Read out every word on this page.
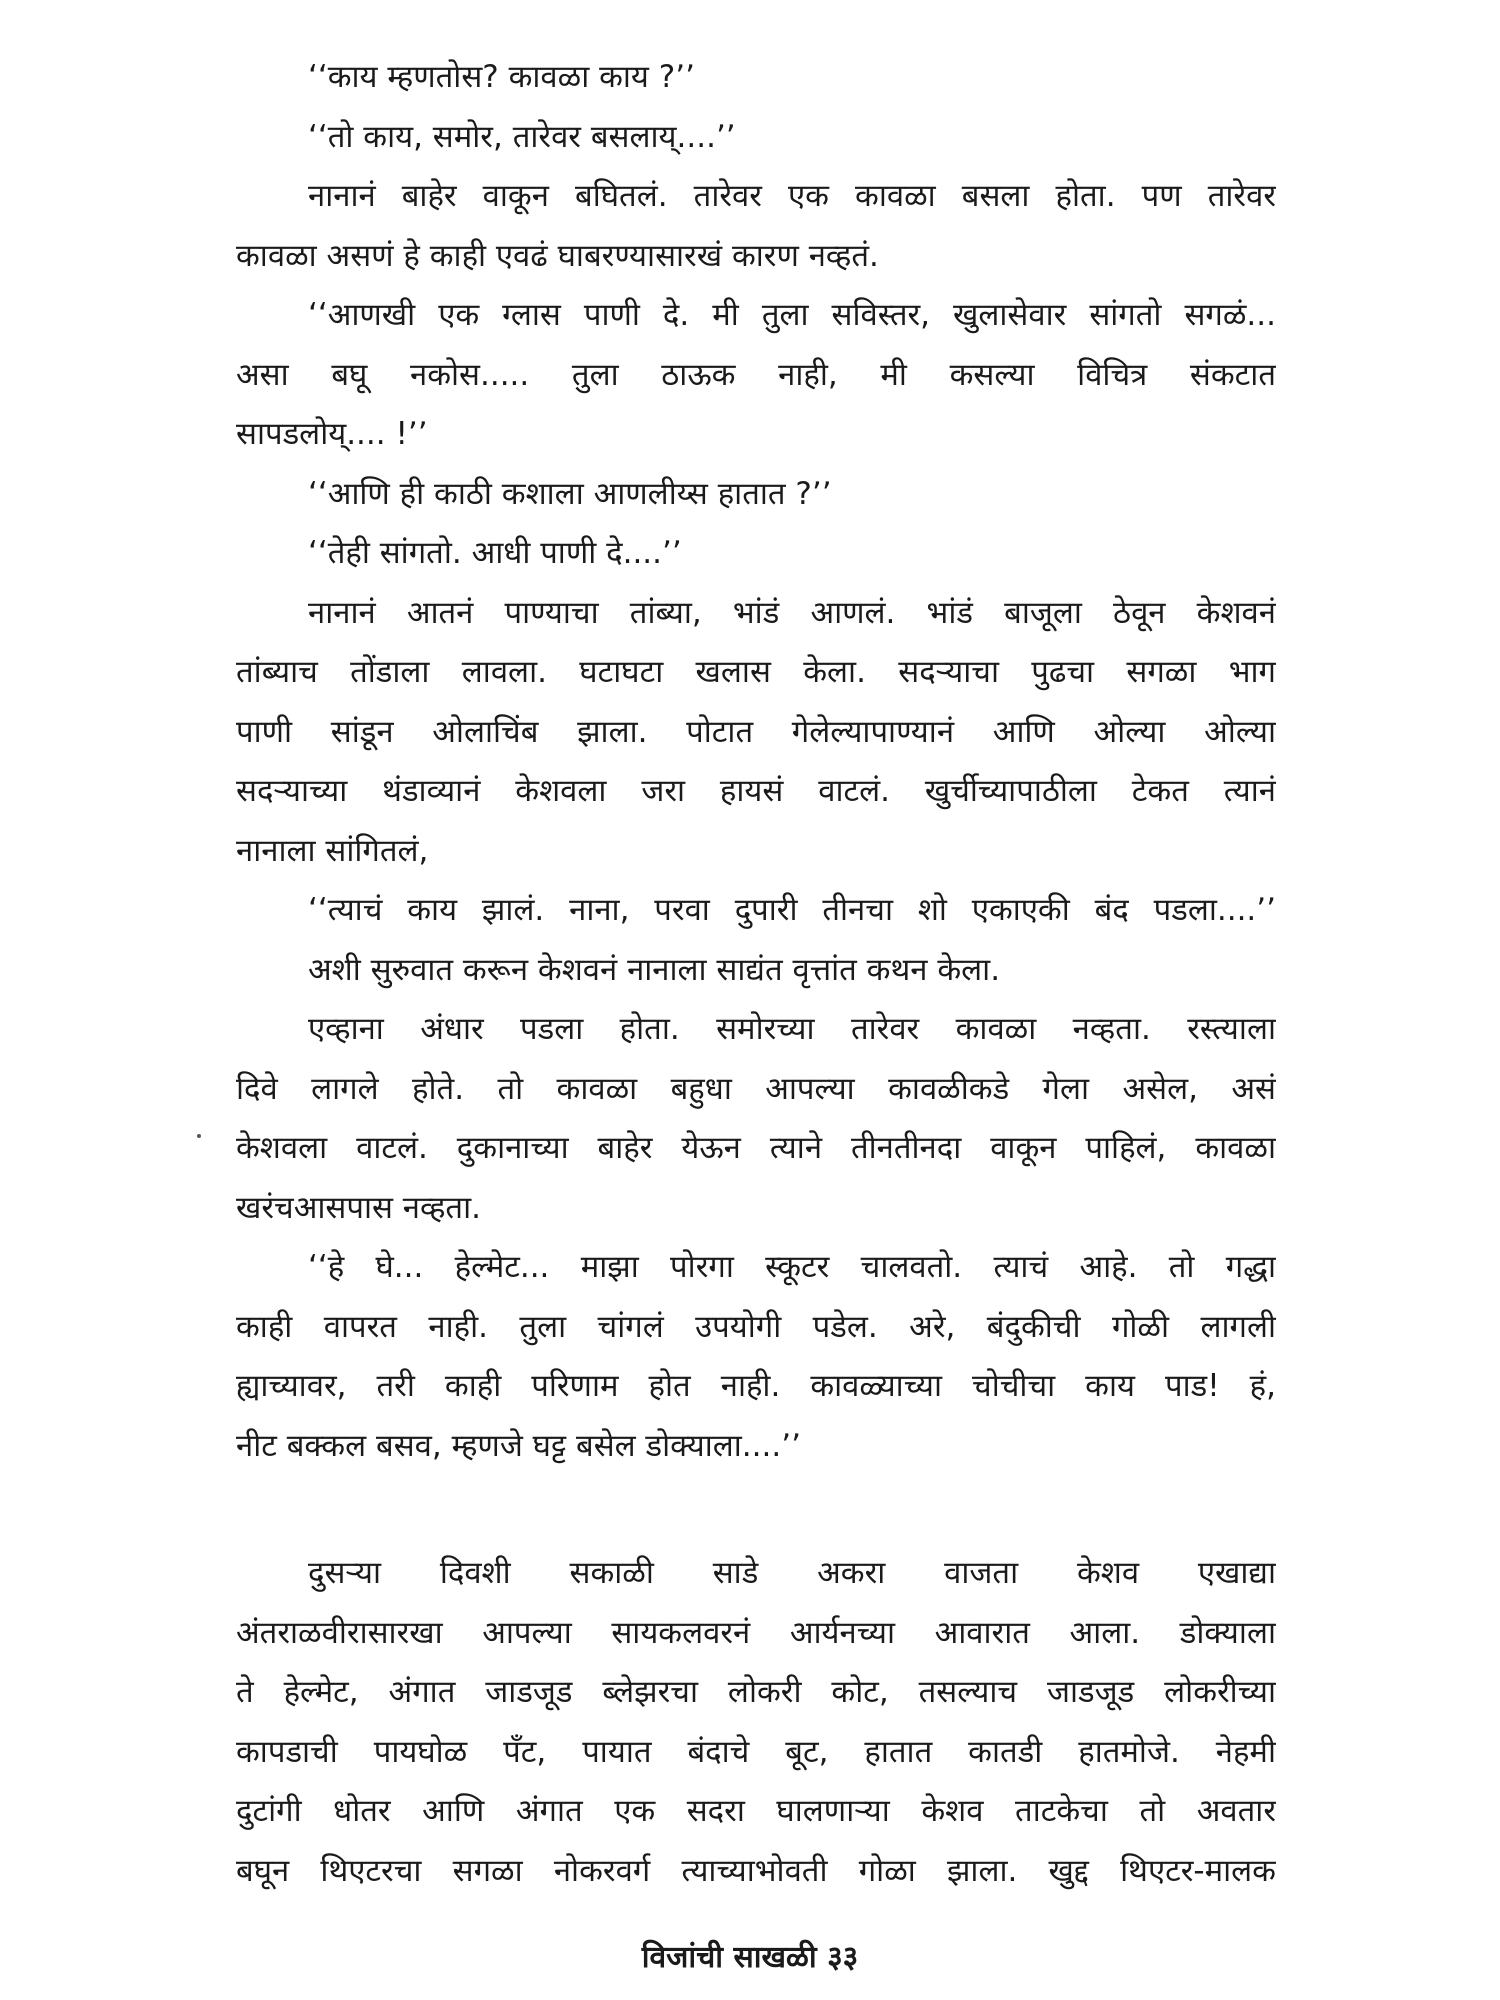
‘‘काय म्हणतोस? कावळा काय ?’’
‘‘तो काय, समोर, तारेवर बसलाय्....’’
नानानं बाहेर वाकून बघितलं. तारेवर एक कावळा बसला होता. पण तारेवर
कावळा असणं हे काही एवढं घाबरण्यासारखं कारण नव्हतं.
‘‘आणखी एक ग्लास पाणी दे. मी तुला सविस्तर, खुलासेवार सांगतो सगळं...
असा बघू नकोस..... तुला ठाऊक नाही, मी कसल्या विचित्र संकटात
सापडलोय्.... !’’
‘‘आणि ही काठी कशाला आणलीय्स हातात ?’’
‘‘तेही सांगतो. आधी पाणी दे....’’
नानानं आतनं पाण्याचा तांब्या, भांडं आणलं. भांडं बाजूला ठेवून केशवनं
तांब्याच तोंडाला लावला. घटाघटा खलास केला. सदऱ्याचा पुढचा सगळा भाग
पाणी सांडून ओलाचिंब झाला. पोटात गेलेल्यापाण्यानं आणि ओल्या ओल्या
सदऱ्याच्या थंडाव्यानं केशवला जरा हायसं वाटलं. खुर्चीच्यापाठीला टेकत त्यानं
नानाला सांगितलं,
‘‘त्याचं काय झालं. नाना, परवा दुपारी तीनचा शो एकाएकी बंद पडला....’’
अशी सुरुवात करून केशवनं नानाला साद्यंत वृत्तांत कथन केला.
एव्हाना अंधार पडला होता. समोरच्या तारेवर कावळा नव्हता. रस्त्याला
दिवे लागले होते. तो कावळा बहुधा आपल्या कावळीकडे गेला असेल, असं
केशवला वाटलं. दुकानाच्या बाहेर येऊन त्याने तीनतीनदा वाकून पाहिलं, कावळा
खरंचआसपास नव्हता.
‘‘हे घे... हेल्मेट... माझा पोरगा स्कूटर चालवतो. त्याचं आहे. तो गद्धा
काही वापरत नाही. तुला चांगलं उपयोगी पडेल. अरे, बंदुकीची गोळी लागली
ह्याच्यावर, तरी काही परिणाम होत नाही. कावळ्याच्या चोचीचा काय पाड! हं,
नीट बक्कल बसव, म्हणजे घट्ट बसेल डोक्याला....’’
दुसऱ्या दिवशी सकाळी साडे अकरा वाजता केशव एखाद्या
अंतराळवीरासारखा आपल्या सायकलवरनं आर्यनच्या आवारात आला. डोक्याला
ते हेल्मेट, अंगात जाडजूड ब्लेझरचा लोकरी कोट, तसल्याच जाडजूड लोकरीच्या
कापडाची पायघोळ पँट, पायात बंदाचे बूट, हातात कातडी हातमोजे. नेहमी
दुटांगी धोतर आणि अंगात एक सदरा घालणाऱ्या केशव ताटकेचा तो अवतार
बघून थिएटरचा सगळा नोकरवर्ग त्याच्याभोवती गोळा झाला. खुद्द थिएटर-मालक
विजांची साखळी ३३
